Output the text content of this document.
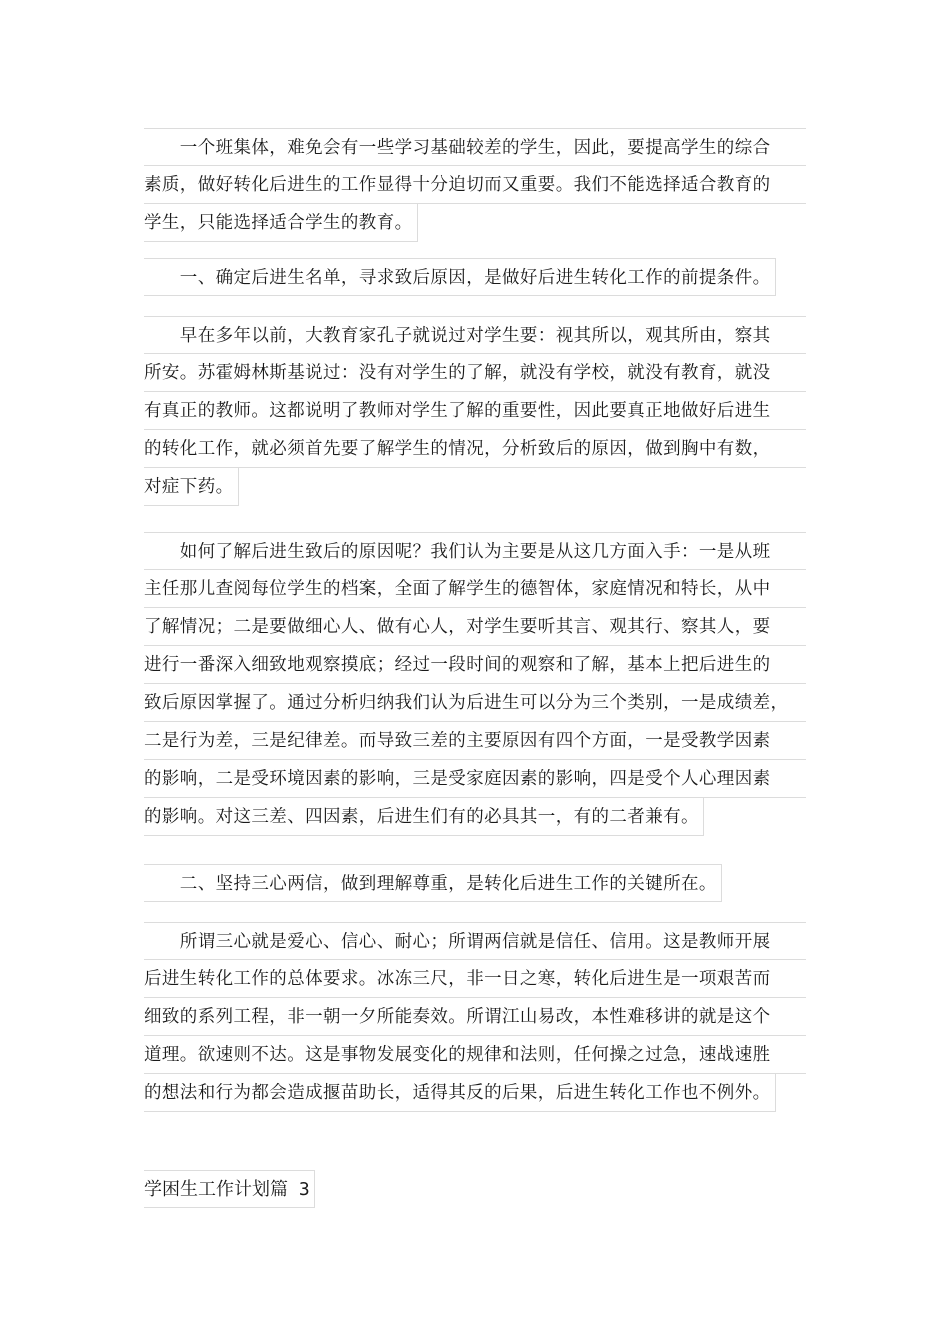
　　一个班集体，难免会有一些学习基础较差的学生，因此，要提高学生的综合
素质，做好转化后进生的工作显得十分迫切而又重要。我们不能选择适合教育的
学生，只能选择适合学生的教育。
　　一、确定后进生名单，寻求致后原因，是做好后进生转化工作的前提条件。
　　早在多年以前，大教育家孔子就说过对学生要：视其所以，观其所由，察其
所安。苏霍姆林斯基说过：没有对学生的了解，就没有学校，就没有教育，就没
有真正的教师。这都说明了教师对学生了解的重要性，因此要真正地做好后进生
的转化工作，就必须首先要了解学生的情况，分析致后的原因，做到胸中有数，
对症下药。
　　如何了解后进生致后的原因呢？我们认为主要是从这几方面入手：一是从班
主任那儿查阅每位学生的档案，全面了解学生的德智体，家庭情况和特长，从中
了解情况；二是要做细心人、做有心人，对学生要听其言、观其行、察其人，要
进行一番深入细致地观察摸底；经过一段时间的观察和了解，基本上把后进生的
致后原因掌握了。通过分析归纳我们认为后进生可以分为三个类别，一是成绩差，
二是行为差，三是纪律差。而导致三差的主要原因有四个方面，一是受教学因素
的影响，二是受环境因素的影响，三是受家庭因素的影响，四是受个人心理因素
的影响。对这三差、四因素，后进生们有的必具其一，有的二者兼有。
　　二、坚持三心两信，做到理解尊重，是转化后进生工作的关键所在。
　　所谓三心就是爱心、信心、耐心；所谓两信就是信任、信用。这是教师开展
后进生转化工作的总体要求。冰冻三尺，非一日之寒，转化后进生是一项艰苦而
细致的系列工程，非一朝一夕所能奏效。所谓江山易改，本性难移讲的就是这个
道理。欲速则不达。这是事物发展变化的规律和法则，任何操之过急，速战速胜
的想法和行为都会造成揠苗助长，适得其反的后果，后进生转化工作也不例外。
学困生工作计划篇 3
